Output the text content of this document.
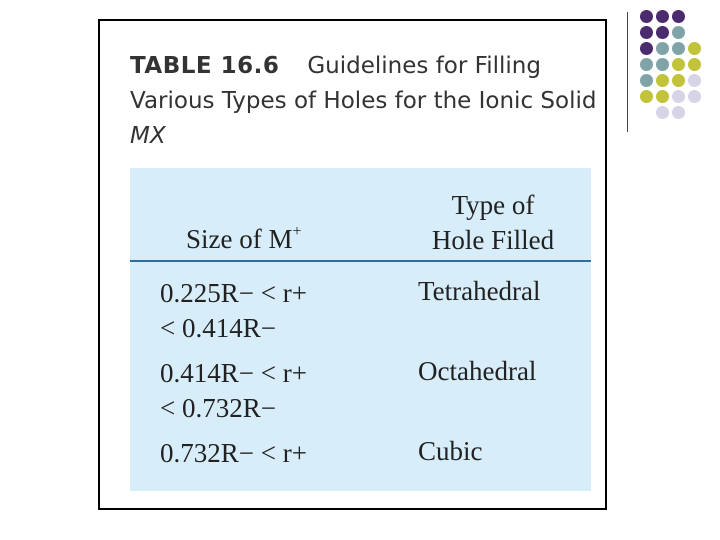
TABLE 16.6 Guidelines for Filling Various Types of Holes for the Ionic Solid MX
Size of M+
Type of
Hole Filled
0.225R− < r+
< 0.414R−
Tetrahedral
0.414R− < r+
< 0.732R−
Octahedral
0.732R− < r+	Cubic
